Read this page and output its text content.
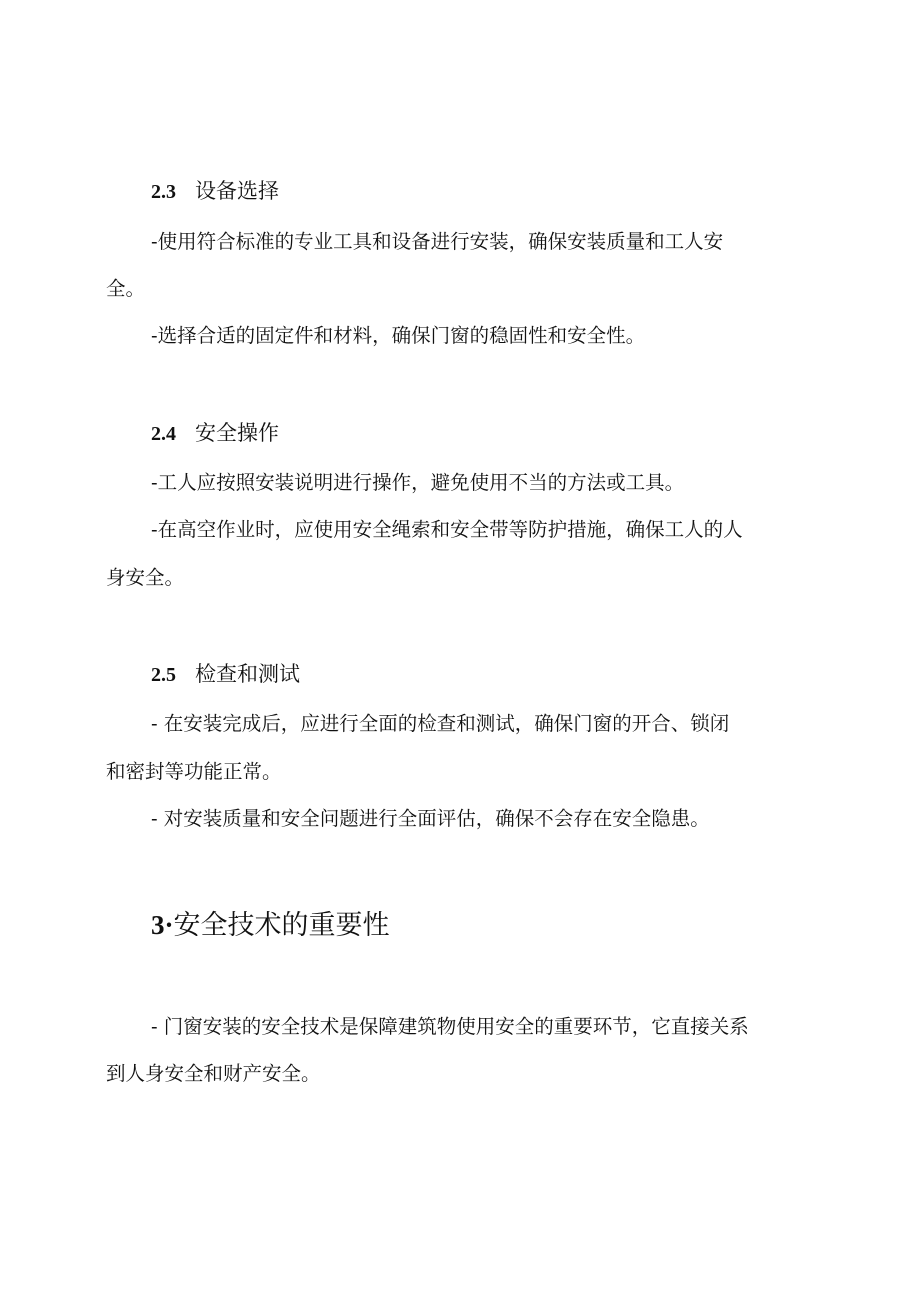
2.3 设备选择
-使用符合标准的专业工具和设备进行安装，确保安装质量和工人安
全。
-选择合适的固定件和材料，确保门窗的稳固性和安全性。
2.4 安全操作
-工人应按照安装说明进行操作，避免使用不当的方法或工具。
-在高空作业时，应使用安全绳索和安全带等防护措施，确保工人的人
身安全。
2.5 检查和测试
- 在安装完成后，应进行全面的检查和测试，确保门窗的开合、锁闭
和密封等功能正常。
- 对安装质量和安全问题进行全面评估，确保不会存在安全隐患。
3·安全技术的重要性
- 门窗安装的安全技术是保障建筑物使用安全的重要环节，它直接关系
到人身安全和财产安全。
